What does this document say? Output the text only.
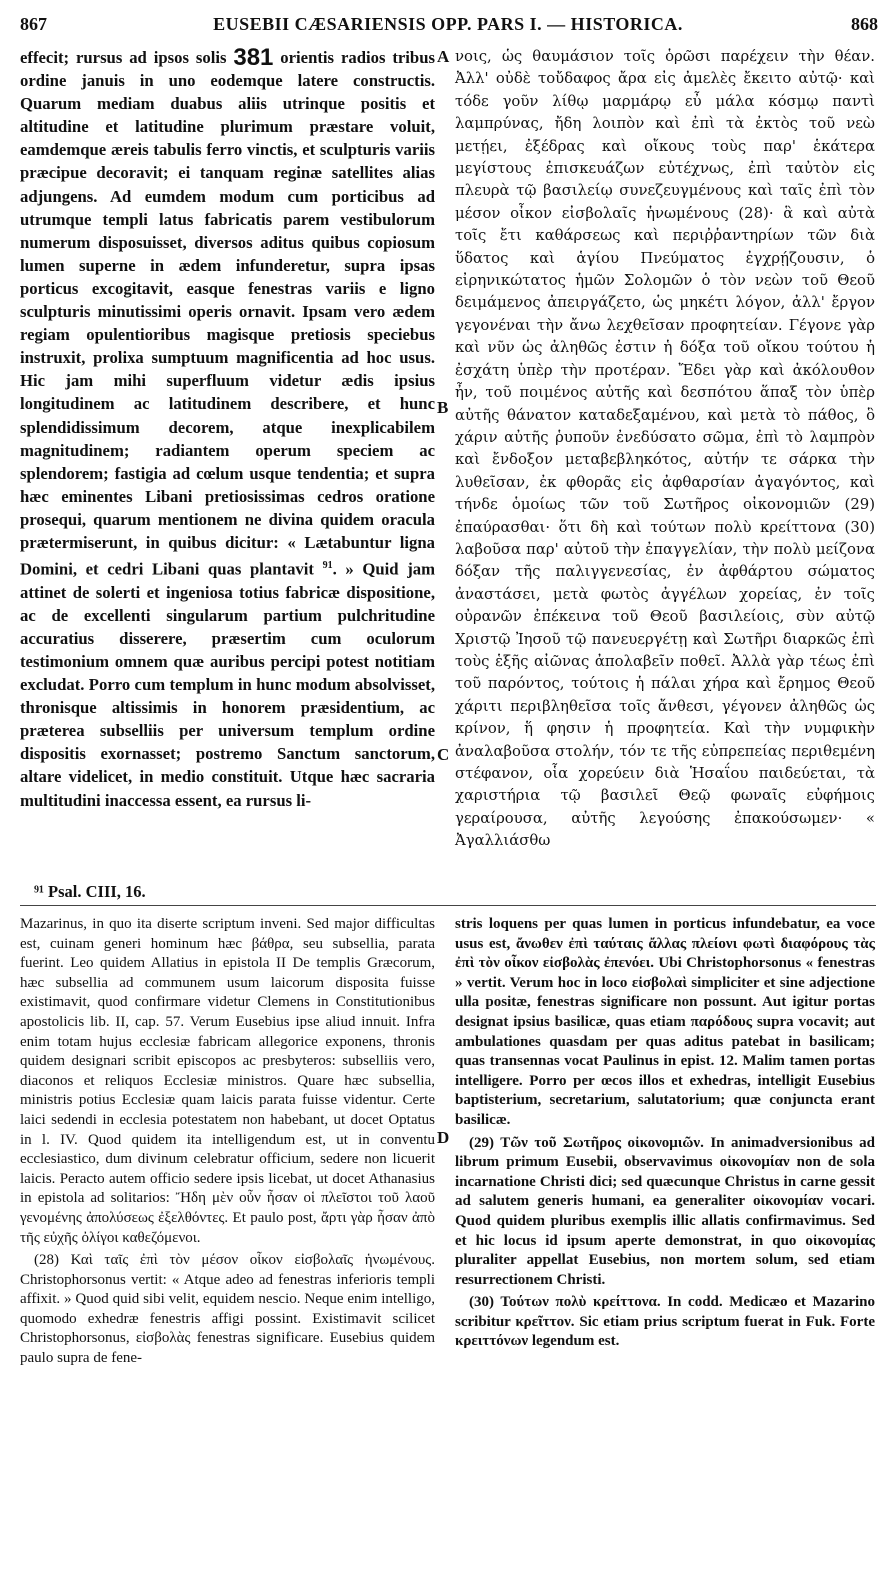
867	EUSEBII CÆSARIENSIS OPP. PARS I. — HISTORICA.	868

effecit; rursus ad ipsos solis 381 orientis radios tribus ordine januis in uno eodemque latere constructis. Quarum mediam duabus aliis utrinque positis et altitudine et latitudine plurimum præstare voluit, eamdemque æreis tabulis ferro vinctis, et sculpturis variis præcipue decoravit; ei tanquam reginæ satellites alias adjungens. Ad eumdem modum cum porticibus ad utrumque templi latus fabricatis parem vestibulorum numerum disposuisset, diversos aditus quibus copiosum lumen superne in ædem infunderetur, supra ipsas porticus excogitavit, easque fenestras variis e ligno sculpturis minutissimi operis ornavit. Ipsam vero ædem regiam opulentioribus magisque pretiosis speciebus instruxit, prolixa sumptuum magnificentia ad hoc usus. Hic jam mihi superfluum videtur ædis ipsius longitudinem ac latitudinem describere, et hunc splendidissimum decorem, atque inexplicabilem magnitudinem; radiantem operum speciem ac splendorem; fastigia ad cœlum usque tendentia; et supra hæc eminentes Libani pretiosissimas cedros oratione prosequi, quarum mentionem ne divina quidem oracula prætermiserunt, in quibus dicitur: « Lætabuntur ligna Domini, et cedri Libani quas plantavit $^{91}$. » Quid jam attinet de solerti et ingeniosa totius fabricæ dispositione, ac de excellenti singularum partium pulchritudine accuratius disserere, præsertim cum oculorum testimonium omnem quæ auribus percipi potest notitiam excludat. Porro cum templum in hunc modum absolvisset, thronisque altissimis in honorem præsidentium, ac præterea subselliis per universum templum ordine dispositis exornasset; postremo Sanctum sanctorum, altare videlicet, in medio constituit. Utque hæc sacraria multitudini inaccessa essent, ea rursus li-

νοις, ὡς θαυμάσιον τοῖς ὁρῶσι παρέχειν τὴν θέαν. Ἀλλ' οὐδὲ τοὔδαφος ἄρα εἰς ἀμελὲς ἔκειτο αὐτῷ· καὶ τόδε γοῦν λίθῳ μαρμάρῳ εὖ μάλα κόσμῳ παντὶ λαμπρύνας, ἤδη λοιπὸν καὶ ἐπὶ τὰ ἐκτὸς τοῦ νεὼ μετῄει, ἐξέδρας καὶ οἴκους τοὺς παρ' ἑκάτερα μεγίστους ἐπισκευάζων εὐτέχνως, ἐπὶ ταὐτὸν εἰς πλευρὰ τῷ βασιλείῳ συνεζευγμένους καὶ ταῖς ἐπὶ τὸν μέσον οἶκον εἰσβολαῖς ἡνωμένους (28)· ἃ καὶ αὐτὰ τοῖς ἔτι καθάρσεως καὶ περιῤῥαντηρίων τῶν διὰ ὕδατος καὶ ἁγίου Πνεύματος ἐγχρῄζουσιν, ὁ εἰρηνικώτατος ἡμῶν Σολομῶν ὁ τὸν νεὼν τοῦ Θεοῦ δειμάμενος ἀπειργάζετο, ὡς μηκέτι λόγον, ἀλλ' ἔργον γεγονέναι τὴν ἄνω λεχθεῖσαν προφητείαν. Γέγονε γὰρ καὶ νῦν ὡς ἀληθῶς ἐστιν ἡ δόξα τοῦ οἴκου τούτου ἡ ἐσχάτη ὑπὲρ τὴν προτέραν. Ἔδει γὰρ καὶ ἀκόλουθον ἦν, τοῦ ποιμένος αὐτῆς καὶ δεσπότου ἅπαξ τὸν ὑπὲρ αὐτῆς θάνατον καταδεξαμένου, καὶ μετὰ τὸ πάθος, ὃ χάριν αὐτῆς ῥυποῦν ἐνεδύσατο σῶμα, ἐπὶ τὸ λαμπρὸν καὶ ἔνδοξον μεταβεβληκότος, αὐτήν τε σάρκα τὴν λυθεῖσαν, ἐκ φθορᾶς εἰς ἀφθαρσίαν ἀγαγόντος, καὶ τήνδε ὁμοίως τῶν τοῦ Σωτῆρος οἰκονομιῶν (29) ἐπαύρασθαι· ὅτι δὴ καὶ τούτων πολὺ κρείττονα (30) λαβοῦσα παρ' αὐτοῦ τὴν ἐπαγγελίαν, τὴν πολὺ μείζονα δόξαν τῆς παλιγγενεσίας, ἐν ἀφθάρτου σώματος ἀναστάσει, μετὰ φωτὸς ἀγγέλων χορείας, ἐν τοῖς οὐρανῶν ἐπέκεινα τοῦ Θεοῦ βασιλείοις, σὺν αὐτῷ Χριστῷ Ἰησοῦ τῷ πανευεργέτῃ καὶ Σωτῆρι διαρκῶς ἐπὶ τοὺς ἑξῆς αἰῶνας ἀπολαβεῖν ποθεῖ. Ἀλλὰ γὰρ τέως ἐπὶ τοῦ παρόντος, τούτοις ἡ πάλαι χήρα καὶ ἔρημος Θεοῦ χάριτι περιβληθεῖσα τοῖς ἄνθεσι, γέγονεν ἀληθῶς ὡς κρίνον, ἥ φησιν ἡ προφητεία. Καὶ τὴν νυμφικὴν ἀναλαβοῦσα στολήν, τόν τε τῆς εὐπρεπείας περιθεμένη στέφανον, οἷα χορεύειν διὰ Ἡσαΐου παιδεύεται, τὰ χαριστήρια τῷ βασιλεῖ Θεῷ φωναῖς εὐφήμοις γεραίρουσα, αὐτῆς λεγούσης ἐπακούσωμεν· « Ἀγαλλιάσθω

A
B
C
D
⁹¹ Psal. CIII, 16.

Mazarinus, in quo ita diserte scriptum inveni. Sed major difficultas est, cuinam generi hominum hæc βάθρα, seu subsellia, parata fuerint. Leo quidem Allatius in epistola II De templis Græcorum, hæc subsellia ad communem usum laicorum disposita fuisse existimavit, quod confirmare videtur Clemens in Constitutionibus apostolicis lib. II, cap. 57. Verum Eusebius ipse aliud innuit. Infra enim totam hujus ecclesiæ fabricam allegorice exponens, thronis quidem designari scribit episcopos ac presbyteros: subselliis vero, diaconos et reliquos Ecclesiæ ministros. Quare hæc subsellia, ministris potius Ecclesiæ quam laicis parata fuisse videntur. Certe laici sedendi in ecclesia potestatem non habebant, ut docet Optatus in l. IV. Quod quidem ita intelligendum est, ut in conventu ecclesiastico, dum divinum celebratur officium, sedere non licuerit laicis. Peracto autem officio sedere ipsis licebat, ut docet Athanasius in epistola ad solitarios: Ἤδη μὲν οὖν ἦσαν οἱ πλεῖστοι τοῦ λαοῦ γενομένης ἀπολύσεως ἐξελθόντες. Et paulo post, ἄρτι γὰρ ἦσαν ἀπὸ τῆς εὐχῆς ὀλίγοι καθεζόμενοι.

(28) Καὶ ταῖς ἐπὶ τὸν μέσον οἶκον εἰσβολαῖς ἡνωμένους. Christophorsonus vertit: « Atque adeo ad fenestras inferioris templi affixit. » Quod quid sibi velit, equidem nescio. Neque enim intelligo, quomodo exhedræ fenestris affigi possint. Existimavit scilicet Christophorsonus, εἰσβολὰς fenestras significare. Eusebius quidem paulo supra de fene-

stris loquens per quas lumen in porticus infundebatur, ea voce usus est, ἄνωθεν ἐπὶ ταύταις ἄλλας πλείονι φωτὶ διαφόρους τὰς ἐπὶ τὸν οἶκον εἰσβολὰς ἐπενόει. Ubi Christophorsonus « fenestras » vertit. Verum hoc in loco εἰσβολαὶ simpliciter et sine adjectione ulla positæ, fenestras significare non possunt. Aut igitur portas designat ipsius basilicæ, quas etiam παρόδους supra vocavit; aut ambulationes quasdam per quas aditus patebat in basilicam; quas transennas vocat Paulinus in epist. 12. Malim tamen portas intelligere. Porro per œcos illos et exhedras, intelligit Eusebius baptisterium, secretarium, salutatorium; quæ conjuncta erant basilicæ.

(29) Τῶν τοῦ Σωτῆρος οἰκονομιῶν. In animadversionibus ad librum primum Eusebii, observavimus οἰκονομίαν non de sola incarnatione Christi dici; sed quæcunque Christus in carne gessit ad salutem generis humani, ea generaliter οἰκονομίαν vocari. Quod quidem pluribus exemplis illic allatis confirmavimus. Sed et hic locus id ipsum aperte demonstrat, in quo οἰκονομίας pluraliter appellat Eusebius, non mortem solum, sed etiam resurrectionem Christi.

(30) Τούτων πολὺ κρείττονα. In codd. Medicæo et Mazarino scribitur κρεῖττον. Sic etiam prius scriptum fuerat in Fuk. Forte κρειττόνων legendum est.
